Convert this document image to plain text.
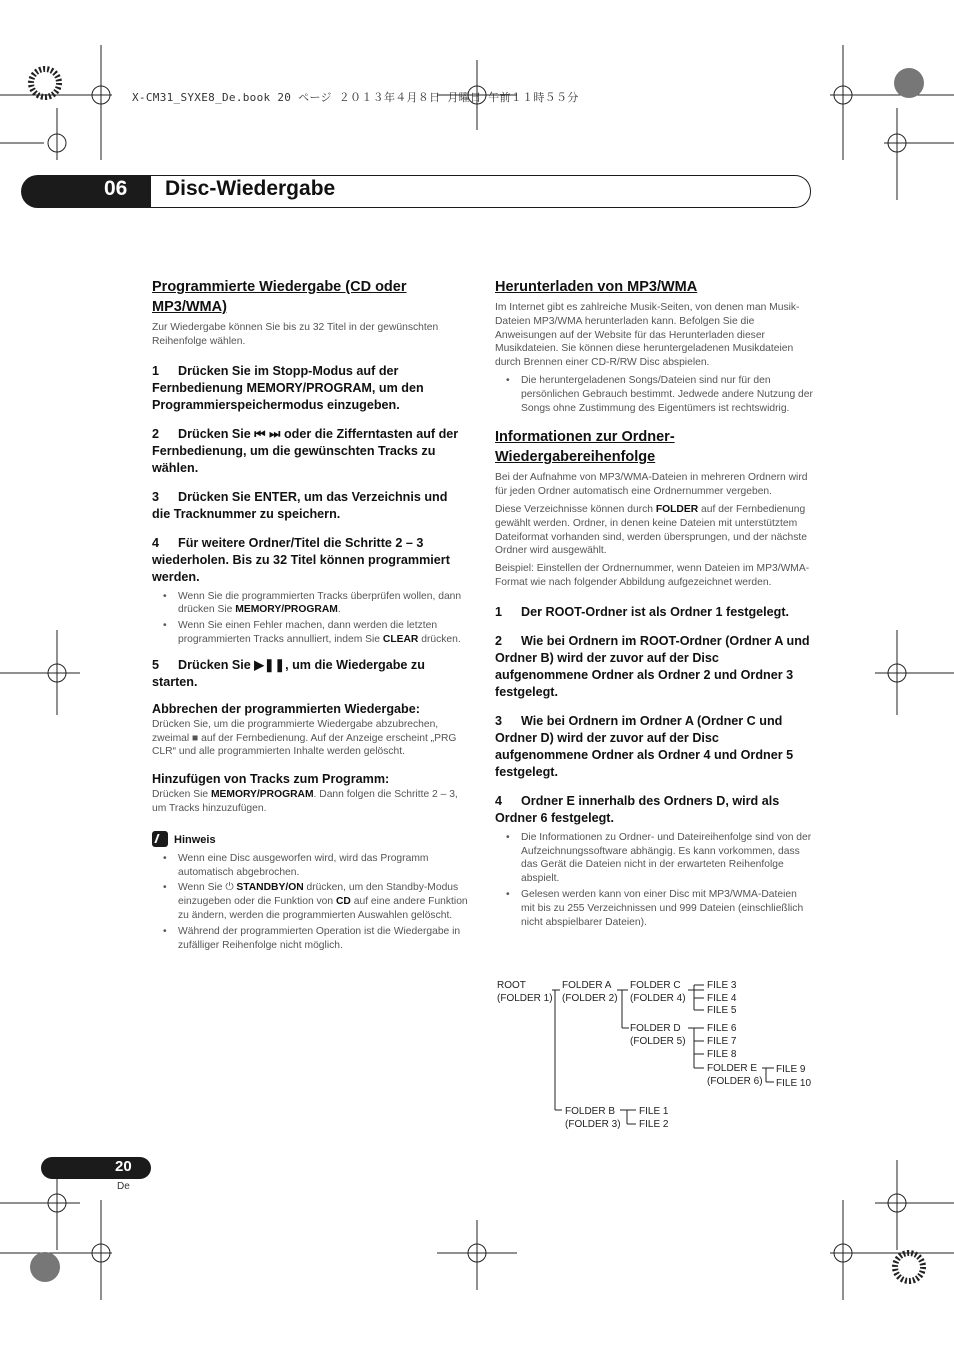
X-CM31_SYXE8_De.book 20 ページ ２０１３年４月８日 月曜日 午前１１時５５分
06 Disc-Wiedergabe
Programmierte Wiedergabe (CD oder MP3/WMA)

Zur Wiedergabe können Sie bis zu 32 Titel in der gewünschten Reihenfolge wählen.

1 Drücken Sie im Stopp-Modus auf der Fernbedienung MEMORY/PROGRAM, um den Programmierspeichermodus einzugeben.

2 Drücken Sie ⏮ ⏭ oder die Zifferntasten auf der Fernbedienung, um die gewünschten Tracks zu wählen.

3 Drücken Sie ENTER, um das Verzeichnis und die Tracknummer zu speichern.

4 Für weitere Ordner/Titel die Schritte 2 – 3 wiederholen. Bis zu 32 Titel können programmiert werden.

• Wenn Sie die programmierten Tracks überprüfen wollen, dann drücken Sie MEMORY/PROGRAM.
• Wenn Sie einen Fehler machen, dann werden die letzten programmierten Tracks annulliert, indem Sie CLEAR drücken.

5 Drücken Sie ▶❚❚, um die Wiedergabe zu starten.

Abbrechen der programmierten Wiedergabe:

Drücken Sie, um die programmierte Wiedergabe abzubrechen, zweimal ■ auf der Fernbedienung. Auf der Anzeige erscheint „PRG CLR“ und alle programmierten Inhalte werden gelöscht.

Hinzufügen von Tracks zum Programm:

Drücken Sie MEMORY/PROGRAM. Dann folgen die Schritte 2 – 3, um Tracks hinzuzufügen.

Hinweis
• Wenn eine Disc ausgeworfen wird, wird das Programm automatisch abgebrochen.
• Wenn Sie ⏻ STANDBY/ON drücken, um den Standby-Modus einzugeben oder die Funktion von CD auf eine andere Funktion zu ändern, werden die programmierten Auswahlen gelöscht.
• Während der programmierten Operation ist die Wiedergabe in zufälliger Reihenfolge nicht möglich.
Herunterladen von MP3/WMA

Im Internet gibt es zahlreiche Musik-Seiten, von denen man Musik-Dateien MP3/WMA herunterladen kann. Befolgen Sie die Anweisungen auf der Website für das Herunterladen dieser Musikdateien. Sie können diese heruntergeladenen Musikdateien durch Brennen einer CD-R/RW Disc abspielen.

• Die heruntergeladenen Songs/Dateien sind nur für den persönlichen Gebrauch bestimmt. Jedwede andere Nutzung der Songs ohne Zustimmung des Eigentümers ist rechtswidrig.
Informationen zur Ordner-Wiedergabereihenfolge

Bei der Aufnahme von MP3/WMA-Dateien in mehreren Ordnern wird für jeden Ordner automatisch eine Ordnernummer vergeben.

Diese Verzeichnisse können durch FOLDER auf der Fernbedienung gewählt werden. Ordner, in denen keine Dateien mit unterstütztem Dateiformat vorhanden sind, werden übersprungen, und der nächste Ordner wird ausgewählt.

Beispiel: Einstellen der Ordnernummer, wenn Dateien im MP3/WMA-Format wie nach folgender Abbildung aufgezeichnet werden.

1 Der ROOT-Ordner ist als Ordner 1 festgelegt.

2 Wie bei Ordnern im ROOT-Ordner (Ordner A und Ordner B) wird der zuvor auf der Disc aufgenommene Ordner als Ordner 2 und Ordner 3 festgelegt.

3 Wie bei Ordnern im Ordner A (Ordner C und Ordner D) wird der zuvor auf der Disc aufgenommene Ordner als Ordner 4 und Ordner 5 festgelegt.

4 Ordner E innerhalb des Ordners D, wird als Ordner 6 festgelegt.

• Die Informationen zu Ordner- und Dateireihenfolge sind von der Aufzeichnungssoftware abhängig. Es kann vorkommen, dass das Gerät die Dateien nicht in der erwarteten Reihenfolge abspielt.
• Gelesen werden kann von einer Disc mit MP3/WMA-Dateien mit bis zu 255 Verzeichnissen und 999 Dateien (einschließlich nicht abspielbarer Dateien).
ROOT
(FOLDER 1)
FOLDER A
(FOLDER 2)
FOLDER C
(FOLDER 4)
FOLDER D
(FOLDER 5)
FOLDER E
(FOLDER 6)
FOLDER B
(FOLDER 3)
FILE 3
FILE 4
FILE 5
FILE 6
FILE 7
FILE 8
FILE 9
FILE 10
FILE 1
FILE 2
20
De
